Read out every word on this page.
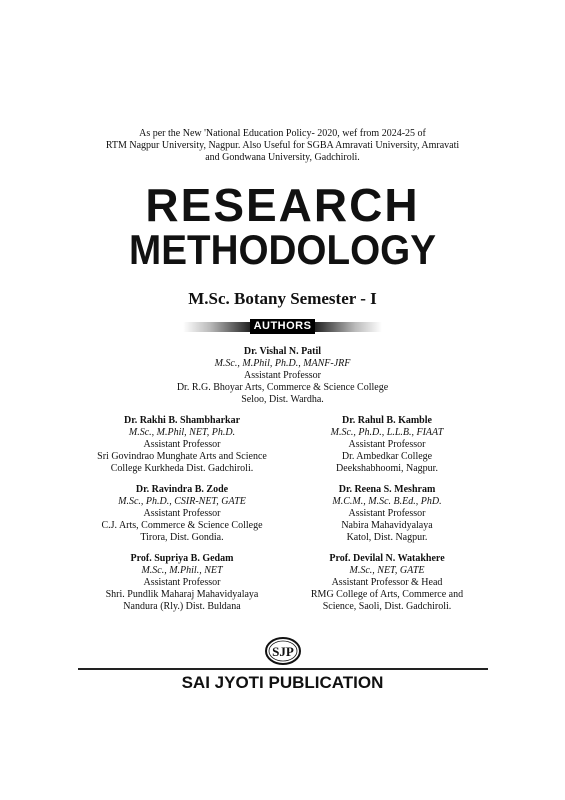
As per the New 'National Education Policy- 2020, wef from 2024-25 of
RTM Nagpur University, Nagpur. Also Useful for SGBA Amravati University, Amravati
and Gondwana University, Gadchiroli.
RESEARCH
METHODOLOGY
M.Sc. Botany Semester - I
AUTHORS
Dr. Vishal N. Patil
M.Sc., M.Phil, Ph.D., MANF-JRF
Assistant Professor
Dr. R.G. Bhoyar Arts, Commerce & Science College
Seloo, Dist. Wardha.
Dr. Rakhi B. Shambharkar
M.Sc., M.Phil, NET, Ph.D.
Assistant Professor
Sri Govindrao Munghate Arts and Science
College Kurkheda Dist. Gadchiroli.
Dr. Rahul B. Kamble
M.Sc., Ph.D., L.L.B., FIAAT
Assistant Professor
Dr. Ambedkar College
Deekshabhoomi, Nagpur.
Dr. Ravindra B. Zode
M.Sc., Ph.D., CSIR-NET, GATE
Assistant Professor
C.J. Arts, Commerce & Science College
Tirora, Dist. Gondia.
Dr. Reena S. Meshram
M.C.M., M.Sc. B.Ed., PhD.
Assistant Professor
Nabira Mahavidyalaya
Katol, Dist. Nagpur.
Prof. Supriya B. Gedam
M.Sc., M.Phil., NET
Assistant Professor
Shri. Pundlik Maharaj Mahavidyalaya
Nandura (Rly.) Dist. Buldana
Prof. Devilal N. Watakhere
M.Sc., NET, GATE
Assistant Professor & Head
RMG College of Arts, Commerce and
Science, Saoli, Dist. Gadchiroli.
SJP
SAI JYOTI PUBLICATION
